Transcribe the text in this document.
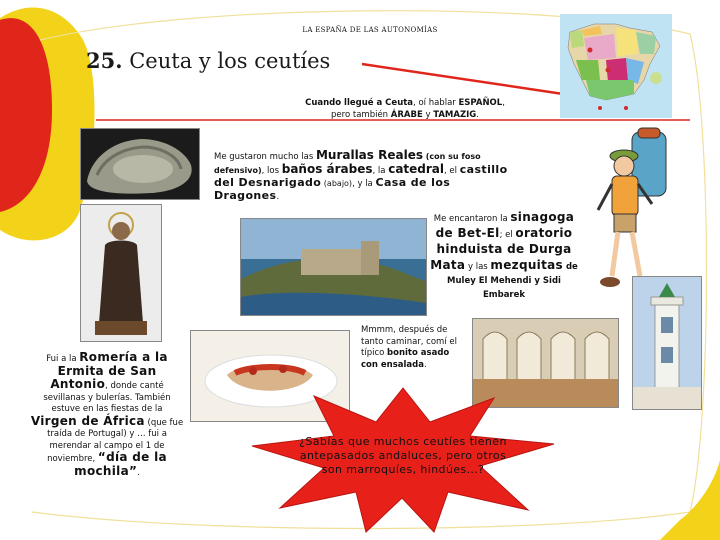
LA ESPAÑA DE LAS AUTONOMÍAS
25. Ceuta y los ceutíes
Cuando llegué a Ceuta, oí hablar ESPAÑOL, pero también ÁRABE y TAMAZIG.
Me gustaron mucho las Murallas Reales (con su foso defensivo), los baños árabes, la catedral, el castillo del Desnarigado (abajo), y la Casa de los Dragones.
Me encantaron la sinagoga de Bet-El; el oratorio hinduista de Durga Mata y las mezquitas de Muley El Mehendi y Sidi Embarek
Fui a la Romería a la Ermita de San Antonio, donde canté sevillanas y bulerías. También estuve en las fiestas de la Virgen de África (que fue traída de Portugal) y … fui a merendar al campo el 1 de noviembre, “día de la mochila”.
Mmmm, después de tanto caminar, comí el típico bonito asado con ensalada.
¿Sabías que muchos ceutíes tienen antepasados andaluces, pero otros son marroquíes, hindúes…?
